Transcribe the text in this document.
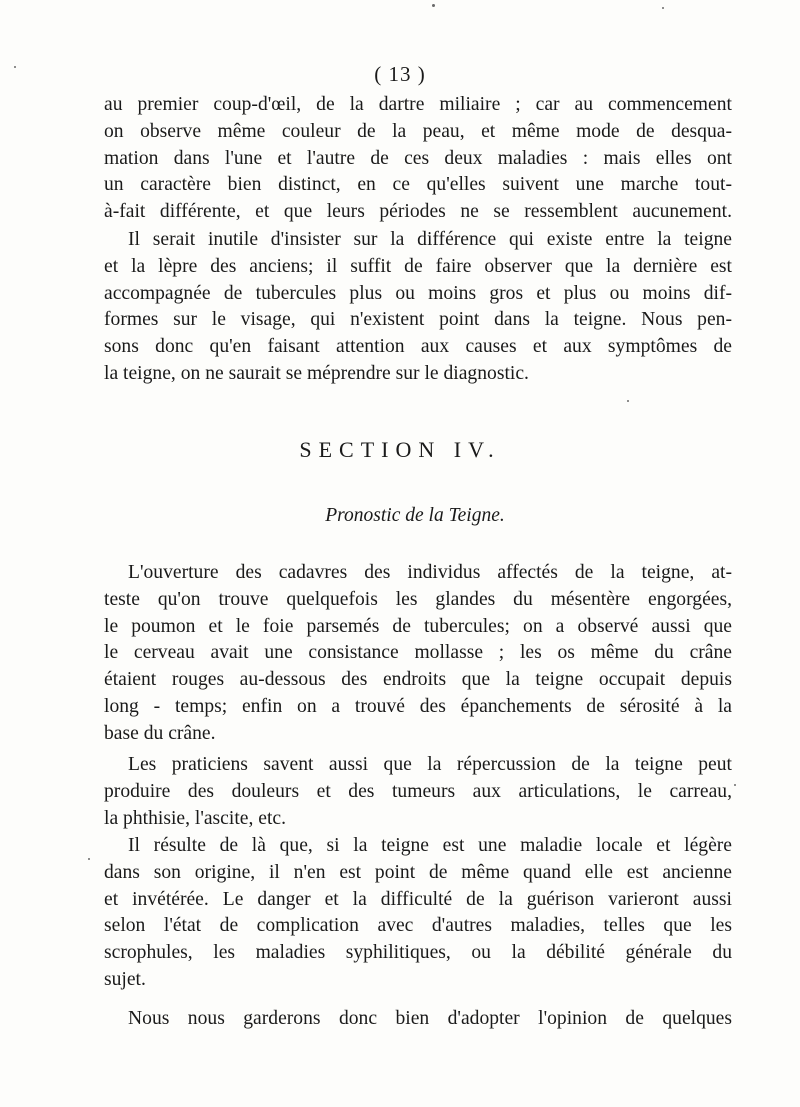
( 13 )
au premier coup-d'œil, de la dartre miliaire ; car au commencement
on observe même couleur de la peau, et même mode de desqua-
mation dans l'une et l'autre de ces deux maladies : mais elles ont
un caractère bien distinct, en ce qu'elles suivent une marche tout-
à-fait différente, et que leurs périodes ne se ressemblent aucunement.
Il serait inutile d'insister sur la différence qui existe entre la teigne
et la lèpre des anciens; il suffit de faire observer que la dernière est
accompagnée de tubercules plus ou moins gros et plus ou moins dif-
formes sur le visage, qui n'existent point dans la teigne. Nous pen-
sons donc qu'en faisant attention aux causes et aux symptômes de
la teigne, on ne saurait se méprendre sur le diagnostic.
SECTION IV.
Pronostic de la Teigne.
L'ouverture des cadavres des individus affectés de la teigne, at-
teste qu'on trouve quelquefois les glandes du mésentère engorgées,
le poumon et le foie parsemés de tubercules; on a observé aussi que
le cerveau avait une consistance mollasse ; les os même du crâne
étaient rouges au-dessous des endroits que la teigne occupait depuis
long - temps; enfin on a trouvé des épanchements de sérosité à la
base du crâne.
Les praticiens savent aussi que la répercussion de la teigne peut
produire des douleurs et des tumeurs aux articulations, le carreau,
la phthisie, l'ascite, etc.
Il résulte de là que, si la teigne est une maladie locale et légère
dans son origine, il n'en est point de même quand elle est ancienne
et invétérée. Le danger et la difficulté de la guérison varieront aussi
selon l'état de complication avec d'autres maladies, telles que les
scrophules, les maladies syphilitiques, ou la débilité générale du
sujet.
Nous nous garderons donc bien d'adopter l'opinion de quelques
